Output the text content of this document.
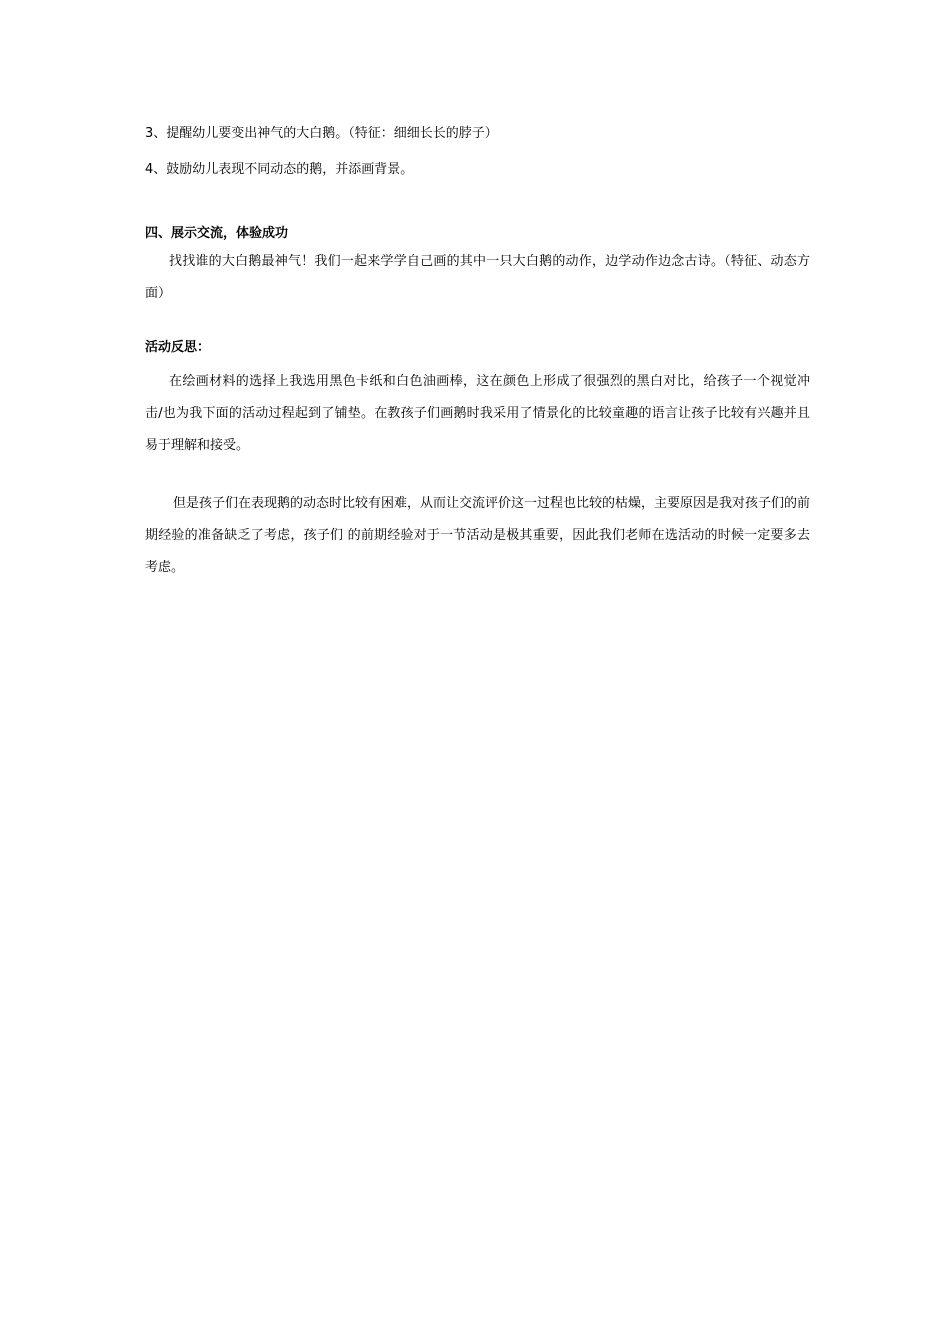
3、提醒幼儿要变出神气的大白鹅。（特征：细细长长的脖子）
4、鼓励幼儿表现不同动态的鹅，并添画背景。
四、展示交流，体验成功
找找谁的大白鹅最神气！我们一起来学学自己画的其中一只大白鹅的动作，边学动作边念古诗。（特征、动态方面）
活动反思：
在绘画材料的选择上我选用黑色卡纸和白色油画棒，这在颜色上形成了很强烈的黑白对比，给孩子一个视觉冲击/也为我下面的活动过程起到了铺垫。在教孩子们画鹅时我采用了情景化的比较童趣的语言让孩子比较有兴趣并且易于理解和接受。
但是孩子们在表现鹅的动态时比较有困难，从而让交流评价这一过程也比较的枯燥，主要原因是我对孩子们的前期经验的准备缺乏了考虑，孩子们 的前期经验对于一节活动是极其重要，因此我们老师在选活动的时候一定要多去考虑。
